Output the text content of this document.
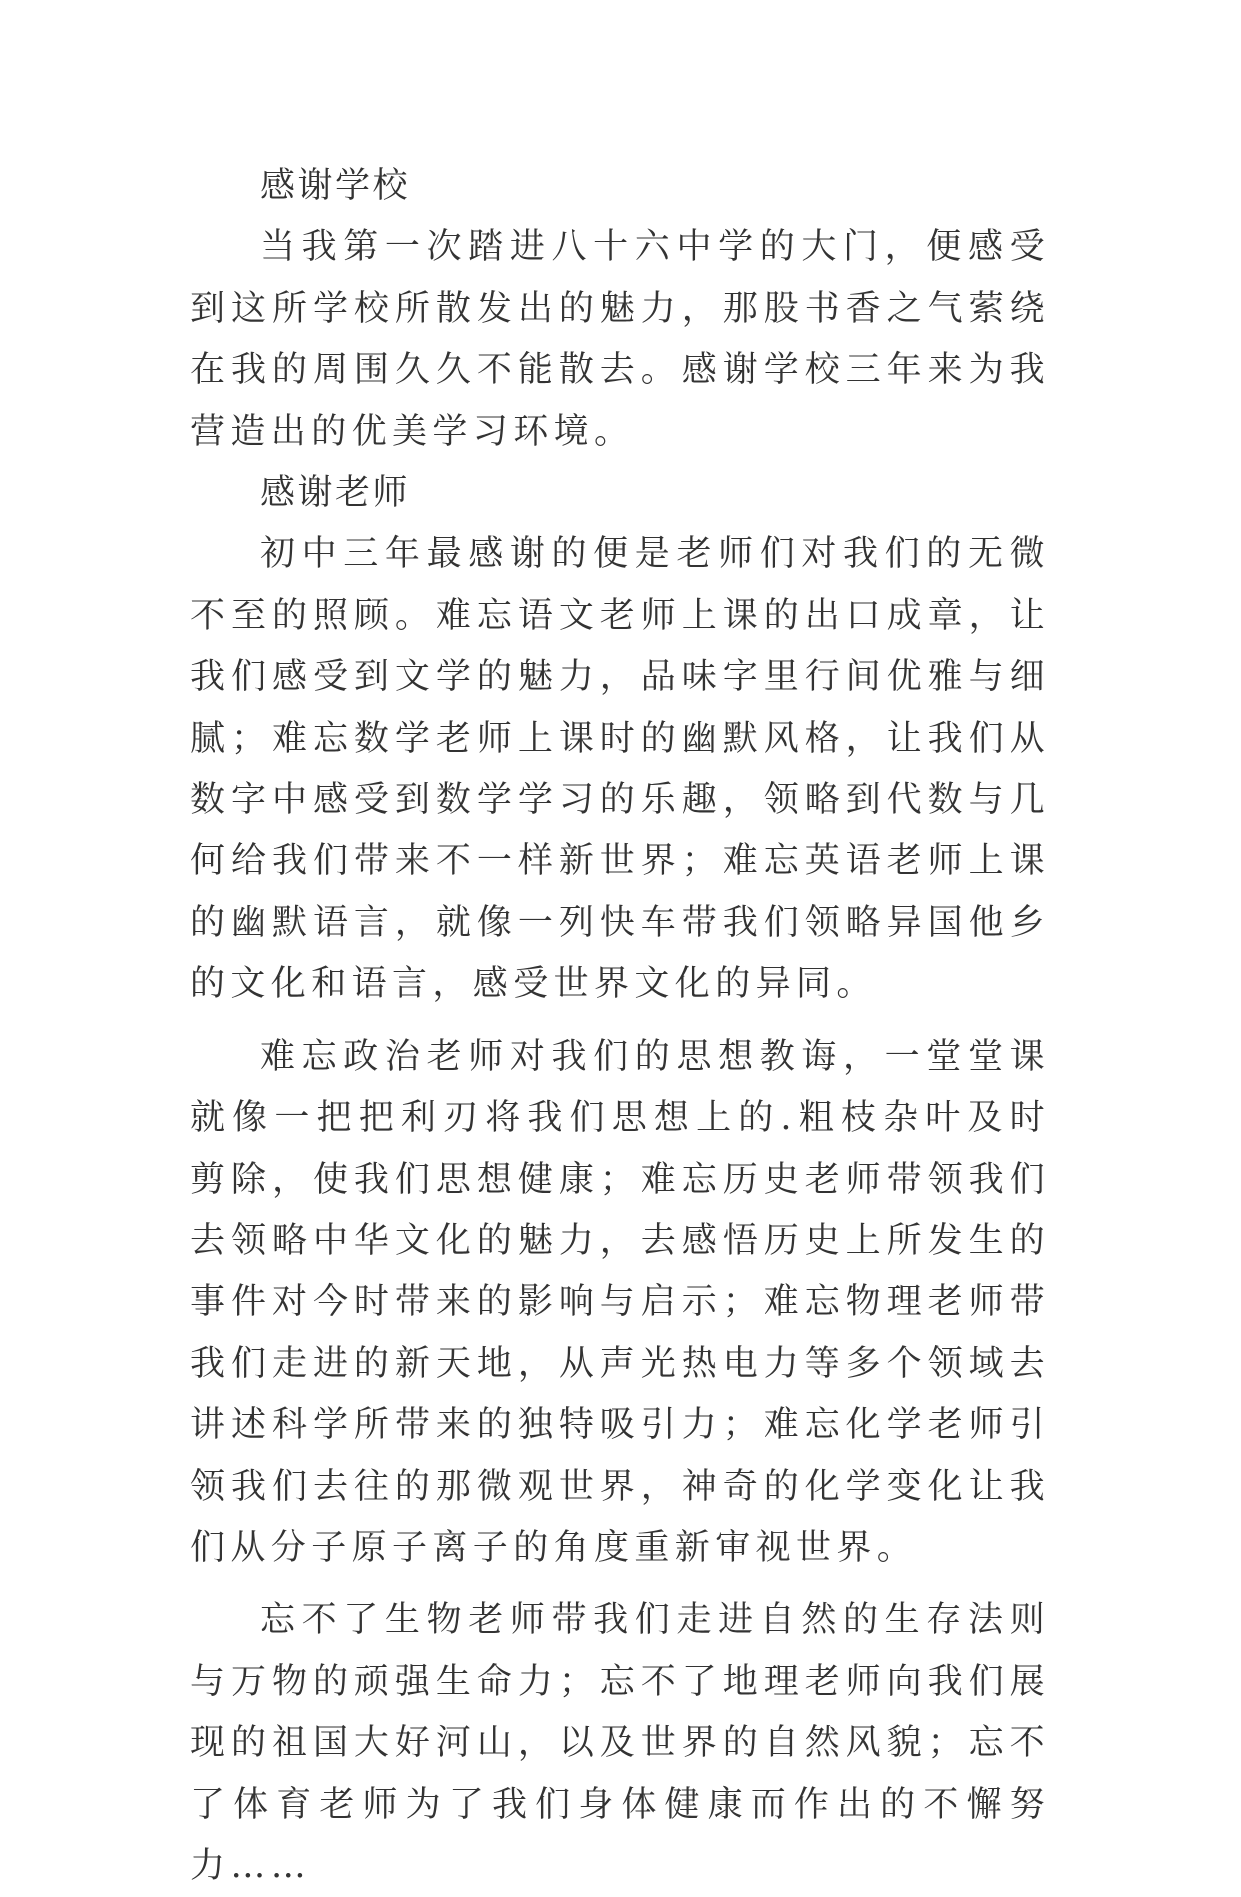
感谢学校

当我第一次踏进八十六中学的大门，便感受到这所学校所散发出的魅力，那股书香之气萦绕在我的周围久久不能散去。感谢学校三年来为我营造出的优美学习环境。

感谢老师

初中三年最感谢的便是老师们对我们的无微不至的照顾。难忘语文老师上课的出口成章，让我们感受到文学的魅力，品味字里行间优雅与细腻；难忘数学老师上课时的幽默风格，让我们从数字中感受到数学学习的乐趣，领略到代数与几何给我们带来不一样新世界；难忘英语老师上课的幽默语言，就像一列快车带我们领略异国他乡的文化和语言，感受世界文化的异同。

难忘政治老师对我们的思想教诲，一堂堂课就像一把把利刃将我们思想上的.粗枝杂叶及时剪除，使我们思想健康；难忘历史老师带领我们去领略中华文化的魅力，去感悟历史上所发生的事件对今时带来的影响与启示；难忘物理老师带我们走进的新天地，从声光热电力等多个领域去讲述科学所带来的独特吸引力；难忘化学老师引领我们去往的那微观世界，神奇的化学变化让我们从分子原子离子的角度重新审视世界。

忘不了生物老师带我们走进自然的生存法则与万物的顽强生命力；忘不了地理老师向我们展现的祖国大好河山，以及世界的自然风貌；忘不了体育老师为了我们身体健康而作出的不懈努力……
